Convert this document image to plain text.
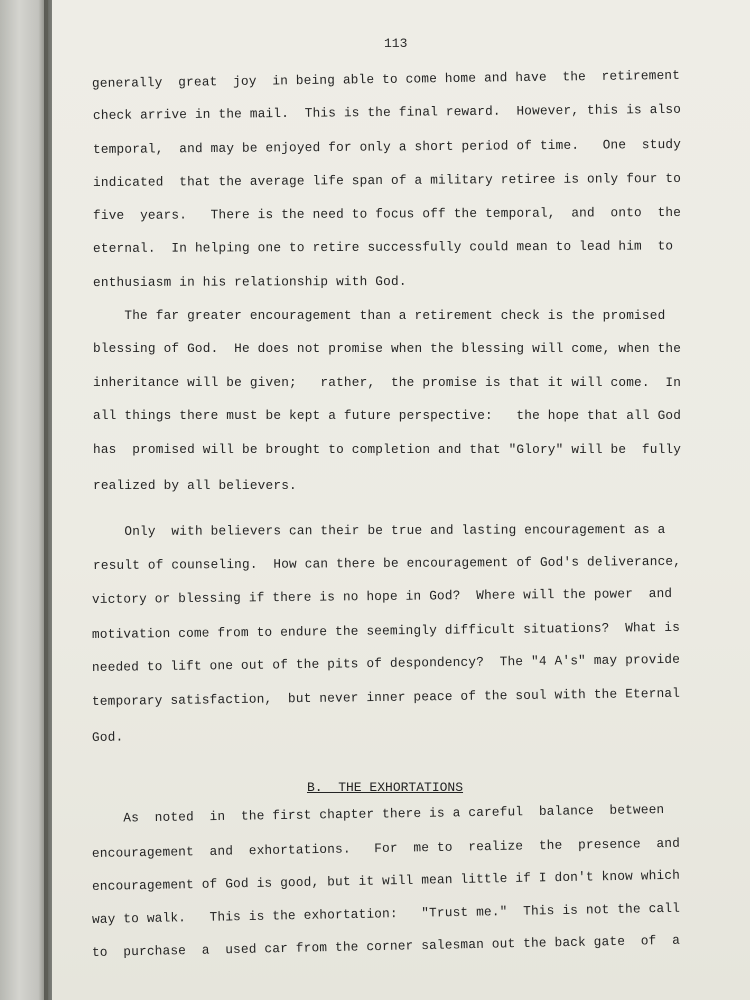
113
generally  great  joy  in being able to come home and have  the  retirement
check arrive in the mail.  This is the final reward.  However, this is also
temporal,  and may be enjoyed for only a short period of time.   One  study
indicated  that the average life span of a military retiree is only four to
five  years.   There is the need to focus off the temporal,  and  onto  the
eternal.  In helping one to retire successfully could mean to lead him  to
enthusiasm in his relationship with God.
The far greater encouragement than a retirement check is the promised
blessing of God.  He does not promise when the blessing will come, when the
inheritance will be given;   rather,  the promise is that it will come.  In
all things there must be kept a future perspective:   the hope that all God
has  promised will be brought to completion and that "Glory" will be  fully
realized by all believers.
Only  with believers can their be true and lasting encouragement as a
result of counseling.  How can there be encouragement of God's deliverance,
victory or blessing if there is no hope in God?  Where will the power  and
motivation come from to endure the seemingly difficult situations?  What is
needed to lift one out of the pits of despondency?  The "4 A's" may provide
temporary satisfaction,  but never inner peace of the soul with the Eternal
God.
B.  THE EXHORTATIONS
As  noted  in  the first chapter there is a careful  balance  between
encouragement  and  exhortations.   For  me to  realize  the  presence  and
encouragement of God is good, but it will mean little if I don't know which
way to walk.   This is the exhortation:   "Trust me."  This is not the call
to  purchase  a  used car from the corner salesman out the back gate  of  a
